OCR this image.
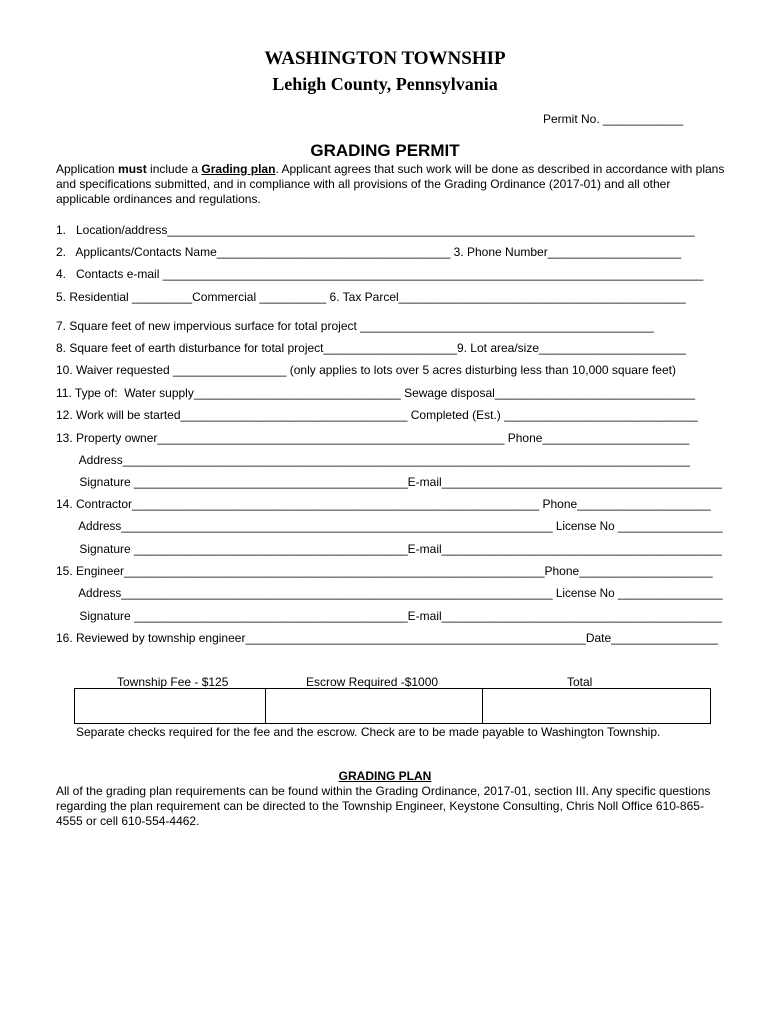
WASHINGTON TOWNSHIP
Lehigh County, Pennsylvania
Permit No. ____________
GRADING PERMIT
Application must include a Grading plan. Applicant agrees that such work will be done as described in accordance with plans and specifications submitted, and in compliance with all provisions of the Grading Ordinance (2017-01) and all other applicable ordinances and regulations.
1.   Location/address_______________________________________________________________________________
2.   Applicants/Contacts Name___________________________________ 3. Phone Number____________________
4.   Contacts e-mail _________________________________________________________________________________
5. Residential _________Commercial __________ 6. Tax Parcel___________________________________________
7. Square feet of new impervious surface for total project ____________________________________________
8. Square feet of earth disturbance for total project____________________9. Lot area/size______________________
10. Waiver requested _________________ (only applies to lots over 5 acres disturbing less than 10,000 square feet)
11. Type of:  Water supply_______________________________ Sewage disposal______________________________
12. Work will be started__________________________________ Completed (Est.) _____________________________
13. Property owner____________________________________________________ Phone______________________
Address_____________________________________________________________________________________
Signature _________________________________________E-mail__________________________________________
14. Contractor_____________________________________________________________ Phone____________________
Address__________________________________________________________________ License No ________________
Signature _________________________________________E-mail__________________________________________
15. Engineer_______________________________________________________________Phone____________________
Address__________________________________________________________________ License No ________________
Signature _________________________________________E-mail__________________________________________
16. Reviewed by township engineer___________________________________________________Date________________
Township Fee - $125	Escrow Required -$1000	Total

Separate checks required for the fee and the escrow. Check are to be made payable to Washington Township.
GRADING PLAN
All of the grading plan requirements can be found within the Grading Ordinance, 2017-01, section III. Any specific questions regarding the plan requirement can be directed to the Township Engineer, Keystone Consulting, Chris Noll Office 610-865-4555 or cell 610-554-4462.
